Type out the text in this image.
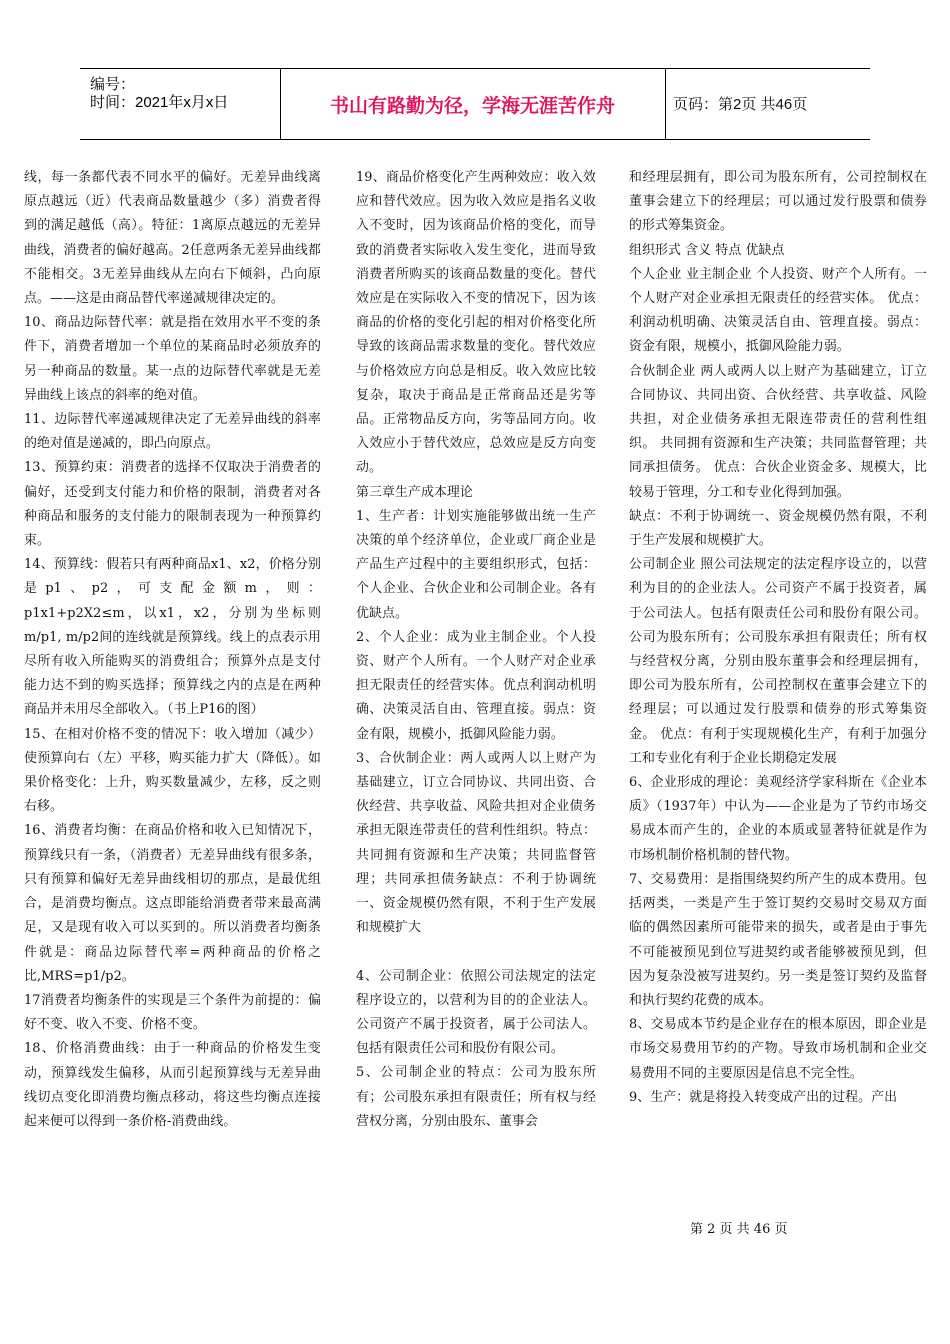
编号：
时间：2021年x月x日	书山有路勤为径，学海无涯苦作舟	页码：第2页 共46页

线，每一条都代表不同水平的偏好。无差异曲线离原点越远（近）代表商品数量越少（多）消费者得到的满足越低（高）。特征：1离原点越远的无差异曲线，消费者的偏好越高。2任意两条无差异曲线都不能相交。3无差异曲线从左向右下倾斜，凸向原点。——这是由商品替代率递减规律决定的。

10、商品边际替代率：就是指在效用水平不变的条件下，消费者增加一个单位的某商品时必须放弃的另一种商品的数量。某一点的边际替代率就是无差异曲线上该点的斜率的绝对值。

11、边际替代率递减规律决定了无差异曲线的斜率的绝对值是递减的，即凸向原点。

13、预算约束：消费者的选择不仅取决于消费者的偏好，还受到支付能力和价格的限制，消费者对各种商品和服务的支付能力的限制表现为一种预算约束。

14、预算线：假若只有两种商品x1、x2，价格分别是p1、p2，可支配金额m，则：p1x1+p2X2≤m，以x1，x2，分别为坐标则m/p1, m/p2间的连线就是预算线。线上的点表示用尽所有收入所能购买的消费组合；预算外点是支付能力达不到的购买选择；预算线之内的点是在两种商品并未用尽全部收入。（书上P16的图）

15、在相对价格不变的情况下：收入增加（减少）使预算向右（左）平移，购买能力扩大（降低）。如果价格变化：上升，购买数量减少，左移，反之则右移。

16、消费者均衡：在商品价格和收入已知情况下，预算线只有一条，（消费者）无差异曲线有很多条，只有预算和偏好无差异曲线相切的那点，是最优组合，是消费均衡点。这点即能给消费者带来最高满足，又是现有收入可以买到的。所以消费者均衡条件就是：商品边际替代率=两种商品的价格之比,MRS=p1/p2。

17消费者均衡条件的实现是三个条件为前提的：偏好不变、收入不变、价格不变。

18、价格消费曲线：由于一种商品的价格发生变动，预算线发生偏移，从而引起预算线与无差异曲线切点变化即消费均衡点移动，将这些均衡点连接起来便可以得到一条价格-消费曲线。

19、商品价格变化产生两种效应：收入效应和替代效应。因为收入效应是指名义收入不变时，因为该商品价格的变化，而导致的消费者实际收入发生变化，进而导致消费者所购买的该商品数量的变化。替代效应是在实际收入不变的情况下，因为该商品的价格的变化引起的相对价格变化所导致的该商品需求数量的变化。替代效应与价格效应方向总是相反。收入效应比较复杂，取决于商品是正常商品还是劣等品。正常物品反方向，劣等品同方向。收入效应小于替代效应，总效应是反方向变动。

第三章生产成本理论

1、生产者：计划实施能够做出统一生产决策的单个经济单位，企业或厂商企业是产品生产过程中的主要组织形式，包括：个人企业、合伙企业和公司制企业。各有优缺点。

2、个人企业：成为业主制企业。个人投资、财产个人所有。一个人财产对企业承担无限责任的经营实体。优点利润动机明确、决策灵活自由、管理直接。弱点：资金有限，规模小，抵御风险能力弱。

3、合伙制企业：两人或两人以上财产为基础建立，订立合同协议、共同出资、合伙经营、共享收益、风险共担对企业债务承担无限连带责任的营利性组织。特点：共同拥有资源和生产决策；共同监督管理；共同承担债务缺点：不利于协调统一、资金规模仍然有限，不利于生产发展和规模扩大

4、公司制企业：依照公司法规定的法定程序设立的，以营利为目的的企业法人。公司资产不属于投资者，属于公司法人。包括有限责任公司和股份有限公司。

5、公司制企业的特点：公司为股东所有；公司股东承担有限责任；所有权与经营权分离，分别由股东、董事会

和经理层拥有，即公司为股东所有，公司控制权在董事会建立下的经理层；可以通过发行股票和债券的形式筹集资金。

组织形式 含义 特点 优缺点

个人企业 业主制企业 个人投资、财产个人所有。一个人财产对企业承担无限责任的经营实体。 优点：利润动机明确、决策灵活自由、管理直接。弱点：资金有限，规模小，抵御风险能力弱。

合伙制企业 两人或两人以上财产为基础建立，订立合同协议、共同出资、合伙经营、共享收益、风险共担，对企业债务承担无限连带责任的营利性组织。 共同拥有资源和生产决策；共同监督管理；共同承担债务。 优点：合伙企业资金多、规模大，比较易于管理，分工和专业化得到加强。

缺点：不利于协调统一、资金规模仍然有限，不利于生产发展和规模扩大。

公司制企业 照公司法规定的法定程序设立的，以营利为目的的企业法人。公司资产不属于投资者，属于公司法人。包括有限责任公司和股份有限公司。 公司为股东所有；公司股东承担有限责任；所有权与经营权分离，分别由股东董事会和经理层拥有，即公司为股东所有，公司控制权在董事会建立下的经理层；可以通过发行股票和债券的形式筹集资金。 优点：有利于实现规模化生产，有利于加强分工和专业化有利于企业长期稳定发展

6、企业形成的理论：美观经济学家科斯在《企业本质》（1937年）中认为——企业是为了节约市场交易成本而产生的，企业的本质或显著特征就是作为市场机制价格机制的替代物。

7、交易费用：是指围绕契约所产生的成本费用。包括两类，一类是产生于签订契约交易时交易双方面临的偶然因素所可能带来的损失，或者是由于事先不可能被预见到位写进契约或者能够被预见到，但因为复杂没被写进契约。另一类是签订契约及监督和执行契约花费的成本。

8、交易成本节约是企业存在的根本原因，即企业是市场交易费用节约的产物。导致市场机制和企业交易费用不同的主要原因是信息不完全性。

9、生产：就是将投入转变成产出的过程。产出

第 2 页 共 46 页
